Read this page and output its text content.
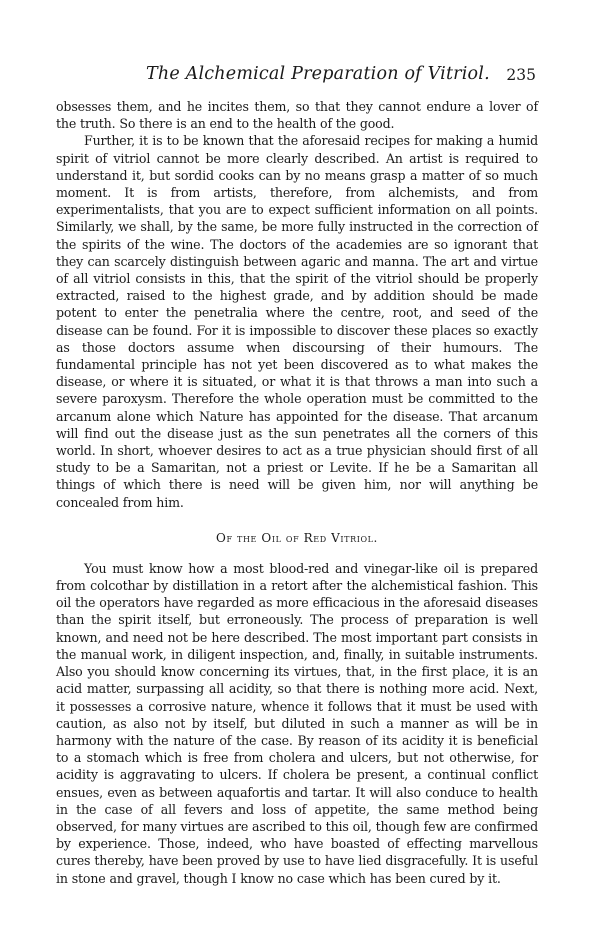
The Alchemical Preparation of Vitriol. 235

obsesses them, and he incites them, so that they cannot endure a lover of the truth. So there is an end to the health of the good.

Further, it is to be known that the aforesaid recipes for making a humid spirit of vitriol cannot be more clearly described. An artist is required to understand it, but sordid cooks can by no means grasp a matter of so much moment. It is from artists, therefore, from alchemists, and from experimentalists, that you are to expect sufficient information on all points. Similarly, we shall, by the same, be more fully instructed in the correction of the spirits of the wine. The doctors of the academies are so ignorant that they can scarcely distinguish between agaric and manna. The art and virtue of all vitriol consists in this, that the spirit of the vitriol should be properly extracted, raised to the highest grade, and by addition should be made potent to enter the penetralia where the centre, root, and seed of the disease can be found. For it is impossible to discover these places so exactly as those doctors assume when discoursing of their humours. The fundamental principle has not yet been discovered as to what makes the disease, or where it is situated, or what it is that throws a man into such a severe paroxysm. Therefore the whole operation must be committed to the arcanum alone which Nature has appointed for the disease. That arcanum will find out the disease just as the sun penetrates all the corners of this world. In short, whoever desires to act as a true physician should first of all study to be a Samaritan, not a priest or Levite. If he be a Samaritan all things of which there is need will be given him, nor will anything be concealed from him.

Of the Oil of Red Vitriol.

You must know how a most blood-red and vinegar-like oil is prepared from colcothar by distillation in a retort after the alchemistical fashion. This oil the operators have regarded as more efficacious in the aforesaid diseases than the spirit itself, but erroneously. The process of preparation is well known, and need not be here described. The most important part consists in the manual work, in diligent inspection, and, finally, in suitable instruments. Also you should know concerning its virtues, that, in the first place, it is an acid matter, surpassing all acidity, so that there is nothing more acid. Next, it possesses a corrosive nature, whence it follows that it must be used with caution, as also not by itself, but diluted in such a manner as will be in harmony with the nature of the case. By reason of its acidity it is beneficial to a stomach which is free from cholera and ulcers, but not otherwise, for acidity is aggravating to ulcers. If cholera be present, a continual conflict ensues, even as between aquafortis and tartar. It will also conduce to health in the case of all fevers and loss of appetite, the same method being observed, for many virtues are ascribed to this oil, though few are confirmed by experience. Those, indeed, who have boasted of effecting marvellous cures thereby, have been proved by use to have lied disgracefully. It is useful in stone and gravel, though I know no case which has been cured by it.
